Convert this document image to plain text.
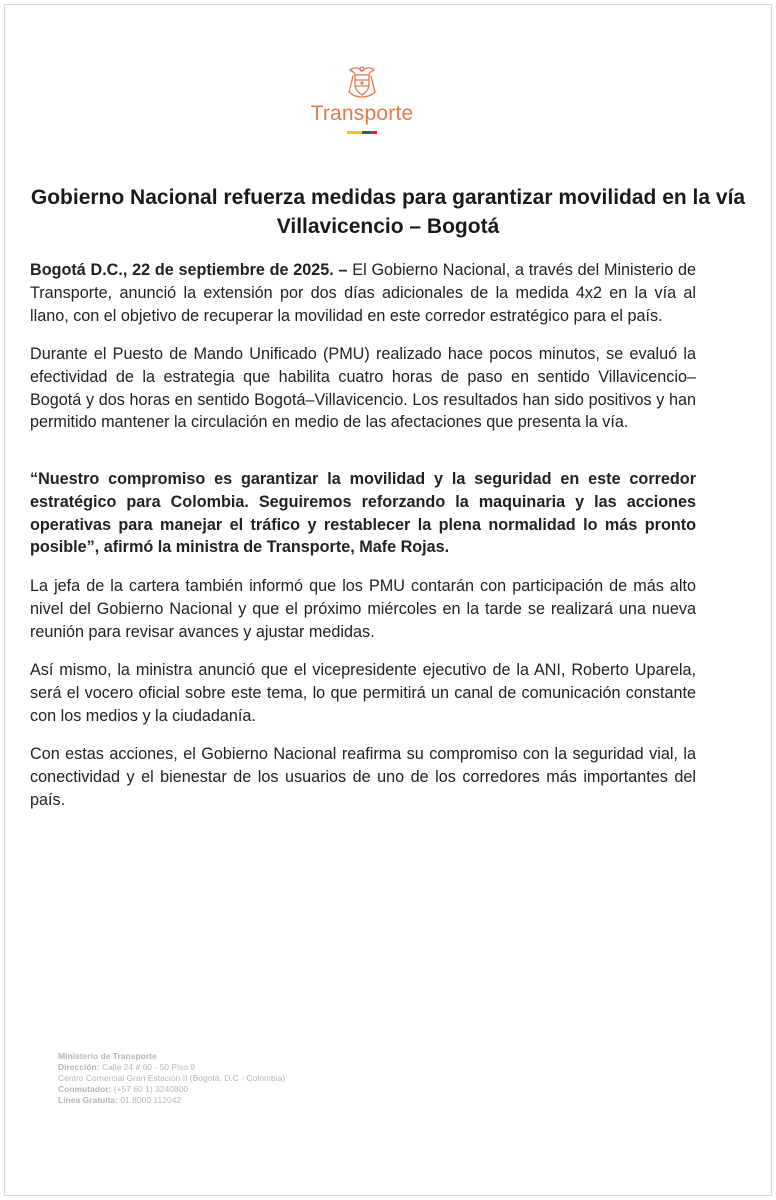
Transporte
Gobierno Nacional refuerza medidas para garantizar movilidad en la vía Villavicencio – Bogotá

Bogotá D.C., 22 de septiembre de 2025. – El Gobierno Nacional, a través del Ministerio de Transporte, anunció la extensión por dos días adicionales de la medida 4x2 en la vía al llano, con el objetivo de recuperar la movilidad en este corredor estratégico para el país.

Durante el Puesto de Mando Unificado (PMU) realizado hace pocos minutos, se evaluó la efectividad de la estrategia que habilita cuatro horas de paso en sentido Villavicencio–Bogotá y dos horas en sentido Bogotá–Villavicencio. Los resultados han sido positivos y han permitido mantener la circulación en medio de las afectaciones que presenta la vía.

“Nuestro compromiso es garantizar la movilidad y la seguridad en este corredor estratégico para Colombia. Seguiremos reforzando la maquinaria y las acciones operativas para manejar el tráfico y restablecer la plena normalidad lo más pronto posible”, afirmó la ministra de Transporte, Mafe Rojas.

La jefa de la cartera también informó que los PMU contarán con participación de más alto nivel del Gobierno Nacional y que el próximo miércoles en la tarde se realizará una nueva reunión para revisar avances y ajustar medidas.

Así mismo, la ministra anunció que el vicepresidente ejecutivo de la ANI, Roberto Uparela, será el vocero oficial sobre este tema, lo que permitirá un canal de comunicación constante con los medios y la ciudadanía.

Con estas acciones, el Gobierno Nacional reafirma su compromiso con la seguridad vial, la conectividad y el bienestar de los usuarios de uno de los corredores más importantes del país.

Ministerio de Transporte
Dirección: Calle 24 # 60 - 50 Piso 9
Centro Comercial Gran Estación II (Bogotá, D.C - Colombia)
Conmutador: (+57 60 1) 3240800
Línea Gratuita: 01 8000 112042
